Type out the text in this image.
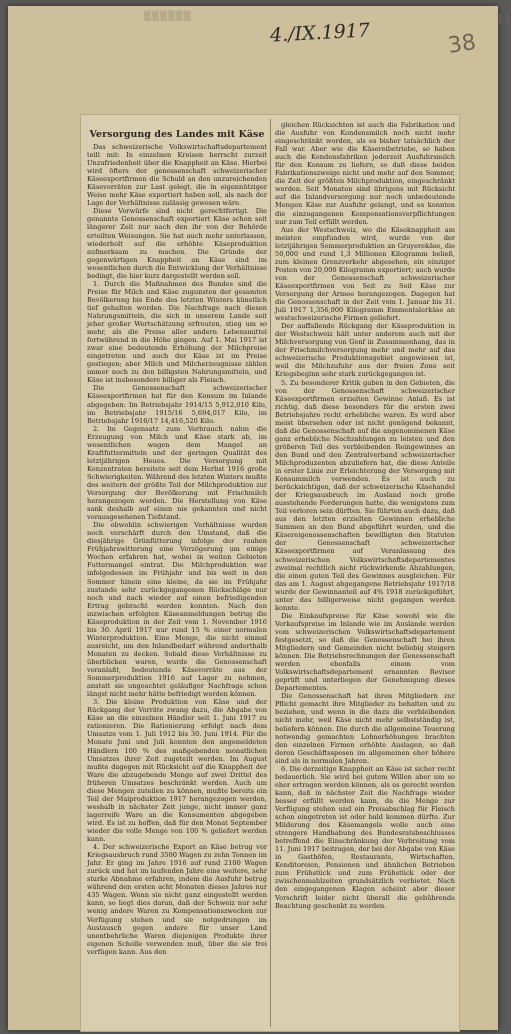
▒▒▒▒▒▒
4./IX.1917	38
11
Versorgung des Landes mit Käse

Das schweizerische Volkswirtschaftsdepartement teilt mit: In einzelnen Kreisen herrscht zurzeit Unzufriedenheit über die Knappheit an Käse. Hierbei wird öfters der genossenschaft schweizerischer Käseexportfirmen die Schuld an den unzureichenden Käsevorräten zur Last gelegt, die in eigennütziger Weise mehr Käse exportiert haben soll, als nach der Lage der Verhältnisse zulässig gewesen wäre.

Diese Vorwürfe sind nicht gerechtfertigt. Die genannte Genossenschaft exportiert Käse schon seit längerer Zeit nur nach den ihr von der Behörde erteilten Weisungen. Sie hat auch mehr unterlassen, wiederholt auf die erhöhte Käseproduktion aufmerksam zu machen. Die Gründe der gegenwärtigen Knappheit an Käse sind im wesentlichen durch die Entwicklung der Verhältnisse bedingt, die hier kurz dargestellt werden soll.

1. Durch die Maßnahmen des Bundes sind die Preise für Milch und Käse zugunsten der gesamten Bevölkerung bis Ende des letzten Winters künstlich tief gehalten worden. Die Nachfrage nach diesen Nahrungsmitteln, die sich in unserem Lande seit jeher großer Wertschätzung erfreuten, stieg um so mehr, als die Preise aller andern Lebensmittel fortwährend in die Höhe gingen. Auf 1. Mai 1917 ist zwar eine bedeutende Erhöhung der Milchpreise eingetreten und auch der Käse ist im Preise gestiegen; aber Milch und Milcherzeugnisse zählen immer noch zu den billigsten Nahrungsmitteln, und Käse ist insbesondere billiger als Fleisch.

Die Genossenschaft schweizerischer Käseexportfirmen hat für den Konsum im Inlande abgegeben: Im Betriebsjahr 1914/15 5,912,010 Kilo, im Betriebsjahr 1915/16 5,694,017 Kilo, im Betriebsjahr 1916/17 14,416,520 Kilo.

2. Im Gegensatz zum Verbrauch nahm die Erzeugung von Milch und Käse stark ab, im wesentlichen wegen dem Mangel an Kraftfuttermitteln und der geringen Qualität des letztjährigen Heues. Die Versorgung mit Konzentraten bereitete seit dem Herbst 1916 große Schwierigkeiten. Während des letzten Winters mußte des weitern der größte Teil der Milchproduktion zur Versorgung der Bevölkerung mit Frischmilch herangezogen werden. Die Herstellung von Käse sank deshalb auf einen nie gekannten und nicht vorausgesehenen Tiefstand.

Die obwohlin schwierigen Verhältnisse wurden noch verschärft durch den Umstand, daß die diesjährige Grünfütterung infolge der rauhen Frühjahrswitterung eine Verzögerung um einige Wochen erfahren hat, wobei in weiten Gebieten Futtermangel eintrat. Die Milchproduktion war infolgedessen im Frühjahr und bis weit in den Sommer hinein eine kleine, da sie im Frühjahr zustande sehr zurückgegangenen Rückschläge nur noch und nach wieder auf einen befriedigenden Ertrag gebracht werden konnten. Nach den inzwischen erfolgten Käseanmeldungen betrug die Käseproduktion in der Zeit vom 1. November 1916 bis 30. April 1917 nur rund 15 % einer normalen Winterproduktion. Eine Menge, die nicht einmal ausreicht, um den Inlandbedarf während anderthalb Monaten zu decken. Sobald diese Verhältnisse zu überblicken waren, wurde die Genossenschaft veranlaßt, bedeutende Käsevorräte aus der Sommerproduktion 1916 auf Lager zu nehmen, anstatt sie ungeachtet geläufiger Nachfrage schon längst nicht mehr hätte befriedigt werden können.

3. Die kleine Produktion von Käse und der Rückgang der Vorräte zwang dazu, die Abgabe von Käse an die einzelnen Händler seit 1. Juni 1917 zu rationieren. Die Rationierung erfolgt nach dem Umsatze vom 1. Juli 1912 bis 30. Juni 1914. Für die Monate Juni und Juli konnten den angemeldeten Händlern 100 % des maßgebenden monatlichen Umsatzes ihrer Zeit zugeteilt werden. Im August mußte dagegen mit Rücksicht auf die Knappheit der Ware die abzugebende Menge auf zwei Drittel des früheren Umsatzes beschränkt werden. Auch um diese Mengen zuteilen zu können, mußte bereits ein Teil der Maiproduktion 1917 herangezogen werden, weshalb in nächster Zeit junge, nicht immer ganz lagerreife Ware an die Konsumenten abgegeben wird. Es ist zu hoffen, daß für den Monat September wieder die volle Menge von 100 % geliefert werden kann.

4. Der schweizerische Export an Käse betrug vor Kriegsausbruch rund 3500 Wagen zu zehn Tonnen im Jahr. Er ging im Jahre 1916 auf rund 2100 Wagen zurück und hat im laufenden Jahre eine weitere, sehr starke Abnahme erfahren, indem die Ausfuhr betrug während den ersten acht Monaten dieses Jahres nur 435 Wagen. Wenn sie nicht ganz eingestellt werden kann, so liegt dies daran, daß der Schweiz nur sehr wenig andere Waren zu Kompensationszwecken zur Verfügung stehen und sie notgedrungen im Austausch gegen andere für unser Land unentbehrliche Waren diejenigen Produkte ihrer eigenen Scholle verwenden muß, über die sie frei verfügen kann. Aus den

gleichen Rücksichten ist auch die Fabrikation und die Ausfuhr von Kondensmilch noch nicht mehr eingeschränkt worden, als es bisher tatsächlich der Fall war. Aber wie die Käsereibetriebe, so haben auch die Kondensfabriken jederzeit Ausfuhrsmilch für den Konsum zu liefern, so daß diese beiden Fabrikationszweige nicht und mehr auf den Sommer, die Zeit der größten Milchproduktion, eingeschränkt werden. Seit Monaten sind übrigens mit Rücksicht auf die Inlandversorgung nur noch unbedeutende Mengen Käse zur Ausfuhr gelangt, und es konnten die einzugangenen Kompensationsverpflichtungen nur zum Teil erfüllt werden.

Aus der Westschweiz, wo die Käseknappheit am meisten empfunden wird, wurde von der letztjährigen Sommerproduktion an Gruyerekäse, die 50,000 und rund 1,3 Millionen Kilogramm beließ, zum kleinen Grenzverkehr abgesehen, ein einziger Posten von 20,000 Kilogramm exportiert; auch wurde von der Genossenschaft schweizerischer Käseexportfirmen von Seit zu Seit Käse zur Versorgung der Armee herangezogen. Dagegen hat die Genossenschaft in der Zeit vom 1. Januar bis 31. Juli 1917 1,356,000 Kilogramm Emmentalerkäse an westschweizerische Firmen geliefert.

Der auffallende Rückgang der Käseproduktion in der Westschweiz hält unter anderem auch mit der Milchversorgung von Genf in Zusammenhang, das in der Frischmilchversorgung mehr und mehr auf das schweizerische Produktionsgebiet angewiesen ist, weil die Milchzufuhr aus der freien Zone seit Kriegsbeginn sehr stark zurückgegangen ist.

5. Zu besonderer Kritik gaben in den Gebieten, die von der Genossenschaft schweizerischer Käseexportfirmen erzielten Gewinne Anlaß. Es ist richtig, daß diese besonders für die ersten zwei Betriebsjahre recht erhebliche waren. Es wird aber meist übersehen oder ist nicht genügend bekannt, daß die Genossenschaft auf die angenommenen Käse ganz erhebliche Nachzahlungen zu leisten und den größeren Teil des verbleibenden Reingewinnes an den Bund und den Zentralverband schweizerischer Milchproduzenten abzuliefern hat, die diese Anteile in erster Linie zur Erleichterung der Versorgung mit Konsummilch verwenden. Es ist auch zu berücksichtigen, daß der schweizerische Käsehandel der Kriegsausbruch im Ausland noch große ausstehende Forderungen hatte, die wenigstens zum Teil verloren sein dürften. Sie führten auch dazu, daß aus den letzten erzielten Gewinnen erhebliche Summen an den Bund abgeführt wurden, und die Käsereigenossenschaften bewilligten den Statuten der Genossenschaft schweizerischer Käseexportfirmen auf Veranlassung des schweizerischen Volkswirtschaftsdepartementes zweimal rechtlich nicht rückwirkende Abzahlungen, die einen guten Teil des Gewinnes ausgleichen. Für das am 1. August abgegangene Betriebsjahr 1917/18 wurde der Gewinnanteil auf 4% 1918 zurückgeführt, unter das billigerweise nicht gegangen werden konnte.

Die Einkaufspreise für Käse sowohl wie die Verkaufspreise im Inlande wie im Auslande werden vom schweizerischen Volkswirtschaftsdepartement festgesetzt, so daß die Genossenschaft bei ihren Mitgliedern und Gemeinden nicht beliebig steigern können. Die Betriebsrechnungen der Genossenschaft werden ebenfalls einem vom Volkswirtschaftsdepartement ernannten Revisor geprüft und unterliegen der Genehmigung dieses Departementes.

Die Genossenschaft hat ihren Mitgliedern zur Pflicht gemacht ihre Mitglieder zu behalten und zu beziehen, und wenn in die dazu die verbleibenden nicht mehr, weil Käse nicht mehr selbstständig ist, beliefern können. Die durch die allgemeine Teuerung notwendig gemachten Lohnerhöhungen brachten den einzelnen Firmen erhöhte Auslagen, so daß deren Geschäftsspesen im allgemeinen eher höhere sind als in normalen Jahren.

6. Die derzeitige Knappheit an Käse ist sicher recht bedauerlich. Sie wird bei gutem Willen aber um so eher ertragen werden können, als es gerecht werden kann, daß in nächster Zeit die Nachfrage wieder besser erfüllt werden kann, da die Menge zur Verfügung stehen und ein Preisabschlag für Fleisch schon eingetreten ist oder bald kommen dürfte. Zur Milderung des Käsemangels wolle auch eine strengere Handhabung des Bundesratsbeschlusses betreffend die Einschränkung der Verbreitung vom 11. Juni 1917 beitragen, der bei der Abgabe von Käse in Gasthöfen, Restaurants, Wirtschaften, Konditoreien, Pensionen und ähnlichen Betrieben zum Frühstück und zum Frühstück oder der zwischenmahlzeiten grundsätzlich verbietet. Nach den eingegangenen Klagen scheint aber dieser Vorschrift leider nicht überall die gebührende Beachtung geschenkt zu werden.
